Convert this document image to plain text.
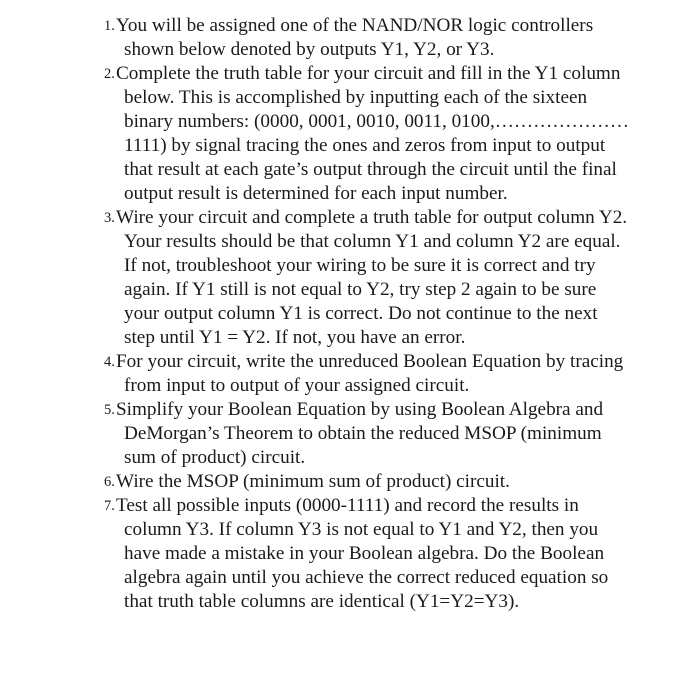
1. You will be assigned one of the NAND/NOR logic controllers shown below denoted by outputs Y1, Y2, or Y3.
2. Complete the truth table for your circuit and fill in the Y1 column below. This is accomplished by inputting each of the sixteen binary numbers: (0000, 0001, 0010, 0011, 0100,…………………1111) by signal tracing the ones and zeros from input to output that result at each gate’s output through the circuit until the final output result is determined for each input number.
3. Wire your circuit and complete a truth table for output column Y2. Your results should be that column Y1 and column Y2 are equal. If not, troubleshoot your wiring to be sure it is correct and try again. If Y1 still is not equal to Y2, try step 2 again to be sure your output column Y1 is correct. Do not continue to the next step until Y1 = Y2. If not, you have an error.
4. For your circuit, write the unreduced Boolean Equation by tracing from input to output of your assigned circuit.
5. Simplify your Boolean Equation by using Boolean Algebra and DeMorgan’s Theorem to obtain the reduced MSOP (minimum sum of product) circuit.
6. Wire the MSOP (minimum sum of product) circuit.
7. Test all possible inputs (0000-1111) and record the results in column Y3. If column Y3 is not equal to Y1 and Y2, then you have made a mistake in your Boolean algebra. Do the Boolean algebra again until you achieve the correct reduced equation so that truth table columns are identical (Y1=Y2=Y3).
